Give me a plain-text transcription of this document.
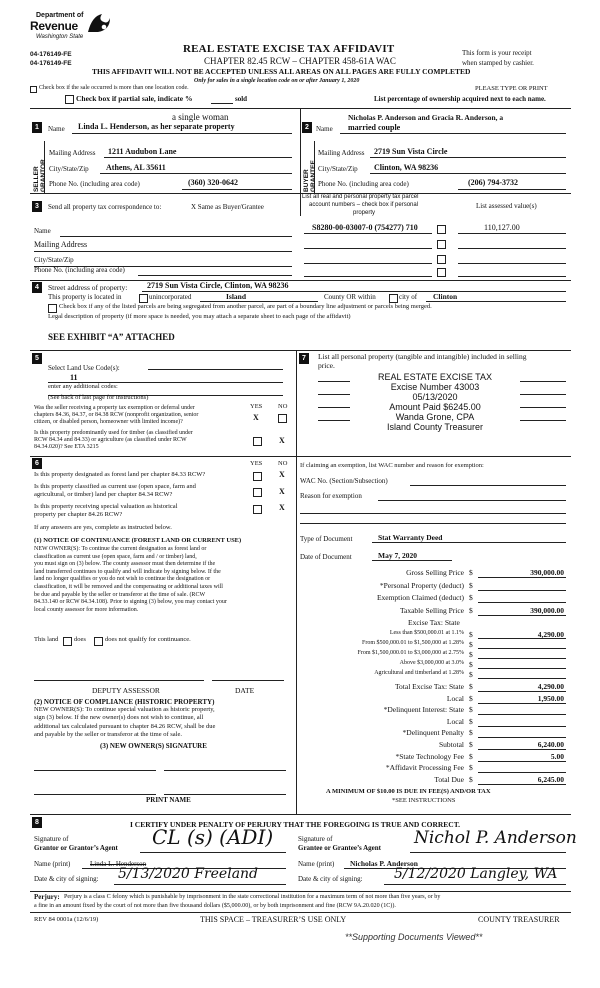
Department of
Revenue
Washington State
04-176149-FE
04-176149-FE
REAL ESTATE EXCISE TAX AFFIDAVIT
CHAPTER 82.45 RCW – CHAPTER 458-61A WAC
This form is your receipt
when stamped by cashier.
THIS AFFIDAVIT WILL NOT BE ACCEPTED UNLESS ALL AREAS ON ALL PAGES ARE FULLY COMPLETED
Only for sales in a single location code on or after January 1, 2020
Check box if the sale occurred is more than one location code.	PLEASE TYPE OR PRINT
Check box if partial sale, indicate %	sold	List percentage of ownership acquired next to each name.
1
a single woman
Name Linda L. Henderson, as her separate property
SELLER GRANTOR
Mailing Address 1211 Audubon Lane
City/State/Zip Athens, AL 35611
Phone No. (including area code)	(360) 320-0642
2
Nicholas P. Anderson and Gracia R. Anderson, a
Name married couple
BUYER GRANTEE
Mailing Address 2719 Sun Vista Circle
City/State/Zip Clinton, WA 98236
Phone No. (including area code)	(206) 794-3732
3	Send all property tax correspondence to:	X Same as Buyer/Grantee
List all real and personal property tax parcel
account numbers – check box if personal
property
List assessed value(s)
Name	S8280-00-03007-0 (754277) 710	110,127.00
Mailing Address
City/State/Zip
Phone No. (including area code)
4	Street address of property: 2719 Sun Vista Circle, Clinton, WA 98236
This property is located in	unincorporated	Island	County OR within	city of Clinton
Check box if any of the listed parcels are being segregated from another parcel, are part of a boundary line adjustment or parcels being merged.
Legal description of property (if more space is needed, you may attach a separate sheet to each page of the affidavit)
SEE EXHIBIT “A” ATTACHED
5
Select Land Use Code(s):
11
enter any additional codes:
(See back of last page for instructions)
YES NO
Was the seller receiving a property tax exemption or deferral under
chapters 84.36, 84.37, or 84.38 RCW (nonprofit organization, senior
citizen, or disabled person, homeowner with limited income)?	X
Is this property predominantly used for timber (as classified under
RCW 84.34 and 84.33) or agriculture (as classified under RCW
84.34.020)? See ETA 3215
X
6	YES NO
Is this property designated as forest land per chapter 84.33 RCW?	X
Is this property classified as current use (open space, farm and
agricultural, or timber) land per chapter 84.34 RCW?	X
Is this property receiving special valuation as historical
property per chapter 84.26 RCW?
X
If any answers are yes, complete as instructed below.
(1) NOTICE OF CONTINUANCE (FOREST LAND OR CURRENT USE)
NEW OWNER(S): To continue the current designation as forest land or
classification as current use (open space, farm and / or timber) land,
you must sign on (3) below. The county assessor must then determine if the
land transferred continues to qualify and will indicate by signing below. If the
land no longer qualifies or you do not wish to continue the designation or
classification, it will be removed and the compensating or additional taxes will
be due and payable by the seller or transferor at the time of sale. (RCW
84.33.140 or RCW 84.34.108). Prior to signing (3) below, you may contact your
local county assessor for more information.
This land does	does not qualify for continuance.
DEPUTY ASSESSOR	DATE
(2) NOTICE OF COMPLIANCE (HISTORIC PROPERTY)
NEW OWNER(S): To continue special valuation as historic property,
sign (3) below. If the new owner(s) does not wish to continue, all
additional tax calculated pursuant to chapter 84.26 RCW, shall be due
and payable by the seller or transferor at the time of sale.
(3) NEW OWNER(S) SIGNATURE
PRINT NAME
7	List all personal property (tangible and intangible) included in selling
price.
REAL ESTATE EXCISE TAX
Excise Number 43003
05/13/2020
Amount Paid $6245.00
Wanda Grone, CPA
Island County Treasurer
If claiming an exemption, list WAC number and reason for exemption:
WAC No. (Section/Subsection)
Reason for exemption
Type of Document	Stat Warranty Deed
Date of Document	May 7, 2020
Gross Selling Price $	390,000.00
*Personal Property (deduct) $
Exemption Claimed (deduct) $
Taxable Selling Price $	390,000.00
Excise Tax: State
Less than $500,000.01 at 1.1% $	4,290.00
From $500,000.01 to $1,500,000 at 1.28% $
From $1,500,000.01 to $3,000,000 at 2.75% $
Above $3,000,000 at 3.0% $
Agricultural and timberland at 1.28% $
Total Excise Tax: State $	4,290.00
Local $	1,950.00
*Delinquent Interest: State $
Local $
*Delinquent Penalty $
Subtotal $	6,240.00
*State Technology Fee $	5.00
*Affidavit Processing Fee $
Total Due $	6,245.00
A MINIMUM OF $10.00 IS DUE IN FEE(S) AND/OR TAX
*SEE INSTRUCTIONS
8	I CERTIFY UNDER PENALTY OF PERJURY THAT THE FOREGOING IS TRUE AND CORRECT.
Signature of
Grantor or Grantor’s Agent CL (s) (ADI)	Signature of
Grantee or Grantee’s Agent Nichol P. Anderson
Name (print)	Linda L. Henderson	Name (print) Nicholas P. Anderson
Date & city of signing: 5/13/2020 Freeland	Date & city of signing: 5/12/2020 Langley, WA
Perjury: Perjury is a class C felony which is punishable by imprisonment in the state correctional institution for a maximum term of not more than five years, or by
a fine in an amount fixed by the court of not more than five thousand dollars ($5,000.00), or by both imprisonment and fine (RCW 9A.20.020 (1C)).
REV 84 0001a (12/6/19)	THIS SPACE – TREASURER’S USE ONLY	COUNTY TREASURER
**Supporting Documents Viewed**
